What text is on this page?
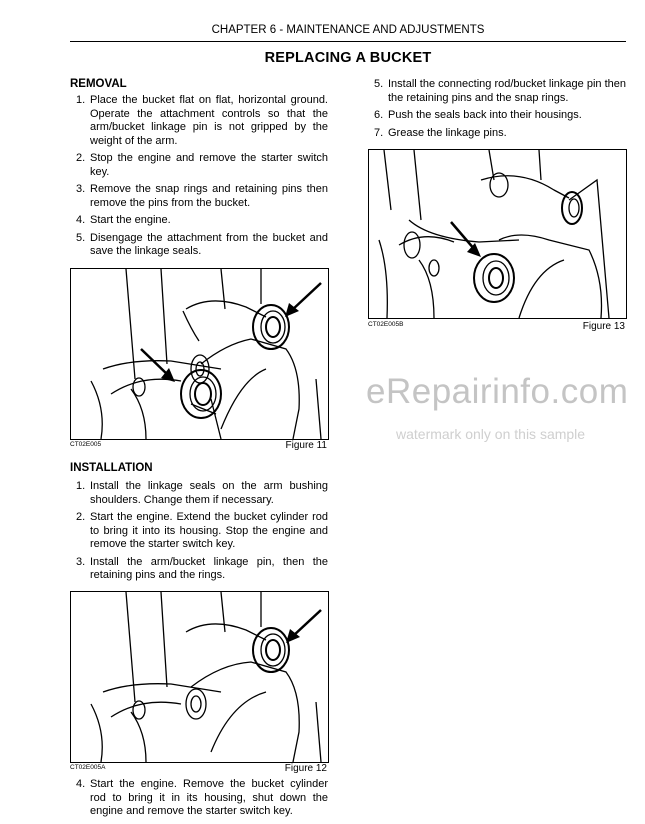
CHAPTER 6 - MAINTENANCE AND ADJUSTMENTS
REPLACING A BUCKET
REMOVAL
1. Place the bucket flat on flat, horizontal ground. Operate the attachment controls so that the arm/bucket linkage pin is not gripped by the weight of the arm.
2. Stop the engine and remove the starter switch key.
3. Remove the snap rings and retaining pins then remove the pins from the bucket.
4. Start the engine.
5. Disengage the attachment from the bucket and save the linkage seals.
CT02E005	Figure 11
INSTALLATION
1. Install the linkage seals on the arm bushing shoulders. Change them if necessary.
2. Start the engine. Extend the bucket cylinder rod to bring it into its housing. Stop the engine and remove the starter switch key.
3. Install the arm/bucket linkage pin, then the retaining pins and the rings.
CT02E005A	Figure 12
4. Start the engine. Remove the bucket cylinder rod to bring it in its housing, shut down the engine and remove the starter switch key.
5. Install the connecting rod/bucket linkage pin then the retaining pins and the snap rings.
6. Push the seals back into their housings.
7. Grease the linkage pins.
CT02E005B	Figure 13
eRepairinfo.com
watermark only on this sample
